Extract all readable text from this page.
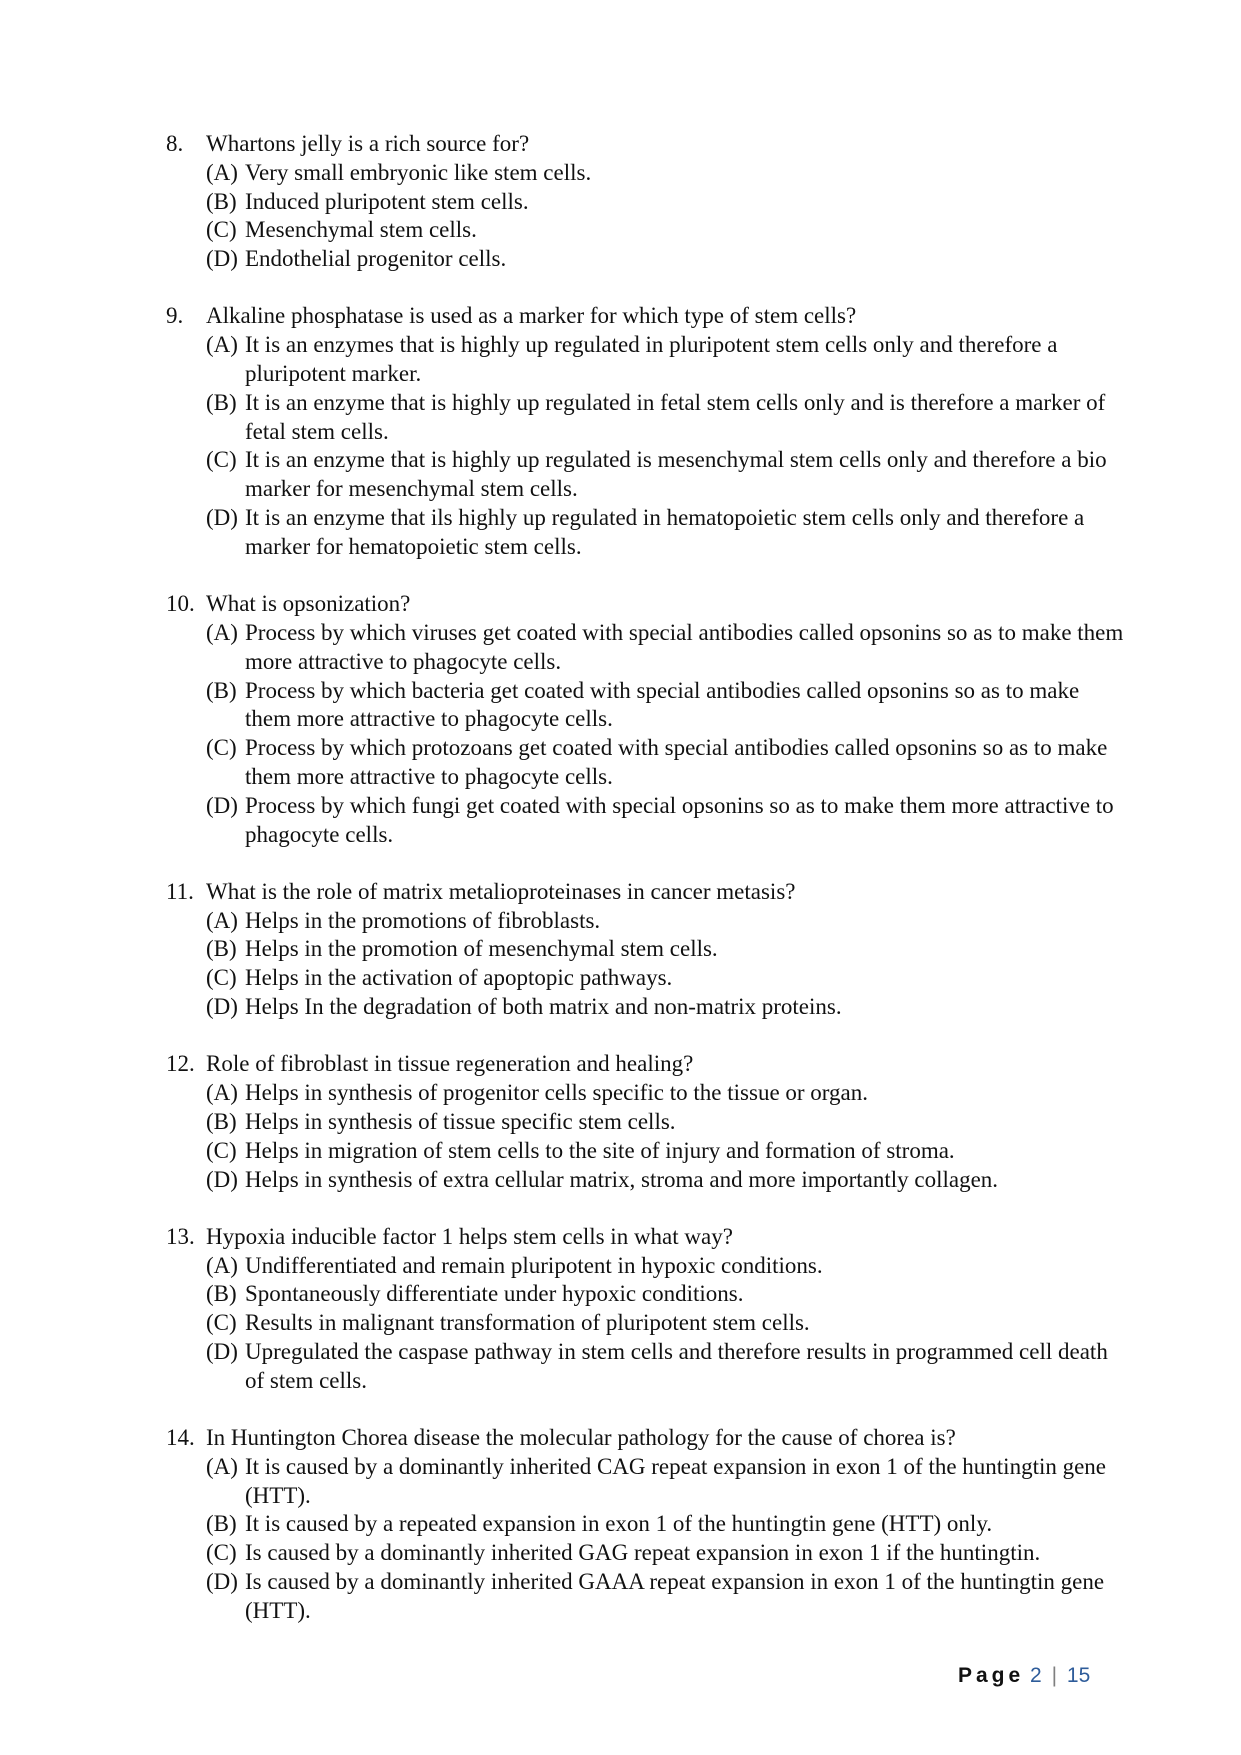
8. Whartons jelly is a rich source for?
(A) Very small embryonic like stem cells.
(B) Induced pluripotent stem cells.
(C) Mesenchymal stem cells.
(D) Endothelial progenitor cells.
9. Alkaline phosphatase is used as a marker for which type of stem cells?
(A) It is an enzymes that is highly up regulated in pluripotent stem cells only and therefore a pluripotent marker.
(B) It is an enzyme that is highly up regulated in fetal stem cells only and is therefore a marker of fetal stem cells.
(C) It is an enzyme that is highly up regulated is mesenchymal stem cells only and therefore a bio marker for mesenchymal stem cells.
(D) It is an enzyme that ils highly up regulated in hematopoietic stem cells only and therefore a marker for hematopoietic stem cells.
10. What is opsonization?
(A) Process by which viruses get coated with special antibodies called opsonins so as to make them more attractive to phagocyte cells.
(B) Process by which bacteria get coated with special antibodies called opsonins so as to make them more attractive to phagocyte cells.
(C) Process by which protozoans get coated with special antibodies called opsonins so as to make them more attractive to phagocyte cells.
(D) Process by which fungi get coated with special opsonins so as to make them more attractive to phagocyte cells.
11. What is the role of matrix metalioproteinases in cancer metasis?
(A) Helps in the promotions of fibroblasts.
(B) Helps in the promotion of mesenchymal stem cells.
(C) Helps in the activation of apoptopic pathways.
(D) Helps In the degradation of both matrix and non-matrix proteins.
12. Role of fibroblast in tissue regeneration and healing?
(A) Helps in synthesis of progenitor cells specific to the tissue or organ.
(B) Helps in synthesis of tissue specific stem cells.
(C) Helps in migration of stem cells to the site of injury and formation of stroma.
(D) Helps in synthesis of extra cellular matrix, stroma and more importantly collagen.
13. Hypoxia inducible factor 1 helps stem cells in what way?
(A) Undifferentiated and remain pluripotent in hypoxic conditions.
(B) Spontaneously differentiate under hypoxic conditions.
(C) Results in malignant transformation of pluripotent stem cells.
(D) Upregulated the caspase pathway in stem cells and therefore results in programmed cell death of stem cells.
14. In Huntington Chorea disease the molecular pathology for the cause of chorea is?
(A) It is caused by a dominantly inherited CAG repeat expansion in exon 1 of the huntingtin gene (HTT).
(B) It is caused by a repeated expansion in exon 1 of the huntingtin gene (HTT) only.
(C) Is caused by a dominantly inherited GAG repeat expansion in exon 1 if the huntingtin.
(D) Is caused by a dominantly inherited GAAA repeat expansion in exon 1 of the huntingtin gene (HTT).
Page 2 | 15
